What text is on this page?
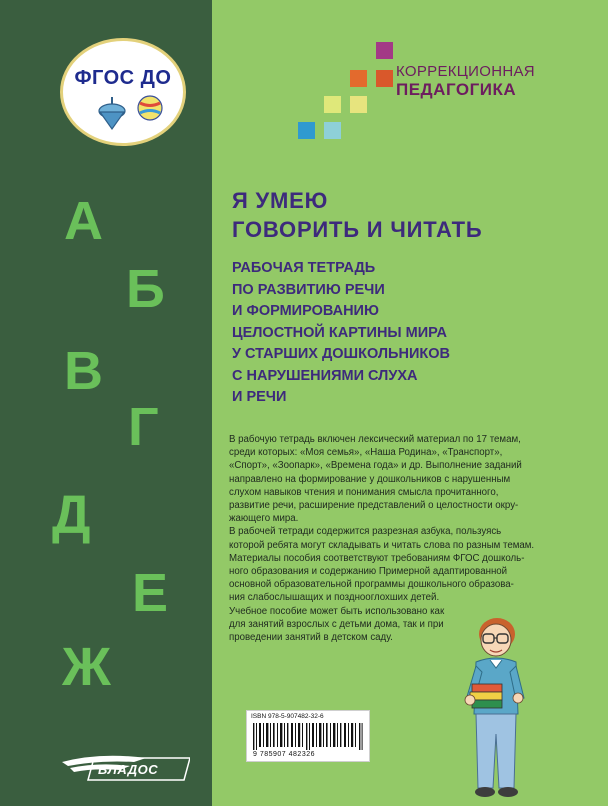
ФГОС ДО
А
Б
В
Г
Д
Е
Ж
КОРРЕКЦИОННАЯ
ПЕДАГОГИКА
Я УМЕЮ
ГОВОРИТЬ И ЧИТАТЬ
РАБОЧАЯ ТЕТРАДЬ
ПО РАЗВИТИЮ РЕЧИ
И ФОРМИРОВАНИЮ
ЦЕЛОСТНОЙ КАРТИНЫ МИРА
У СТАРШИХ ДОШКОЛЬНИКОВ
С НАРУШЕНИЯМИ СЛУХА
И РЕЧИ
В рабочую тетрадь включен лексический материал по 17 темам,
среди которых: «Моя семья», «Наша Родина», «Транспорт»,
«Спорт», «Зоопарк», «Времена года» и др. Выполнение заданий
направлено на формирование у дошкольников с нарушенным
слухом навыков чтения и понимания смысла прочитанного,
развитие речи, расширение представлений о целостности окру-
жающего мира.
В рабочей тетради содержится разрезная азбука, пользуясь
которой ребята могут складывать и читать слова по разным темам.
Материалы пособия соответствуют требованиям ФГОС дошколь-
ного образования и содержанию Примерной адаптированной
основной образовательной программы дошкольного образова-
ния слабослышащих и позднооглохших детей.
Учебное пособие может быть использовано как
для занятий взрослых с детьми дома, так и при
проведении занятий в детском саду.
ISBN 978-5-907482-32-6
9 785907 482326
ВЛАДОС
